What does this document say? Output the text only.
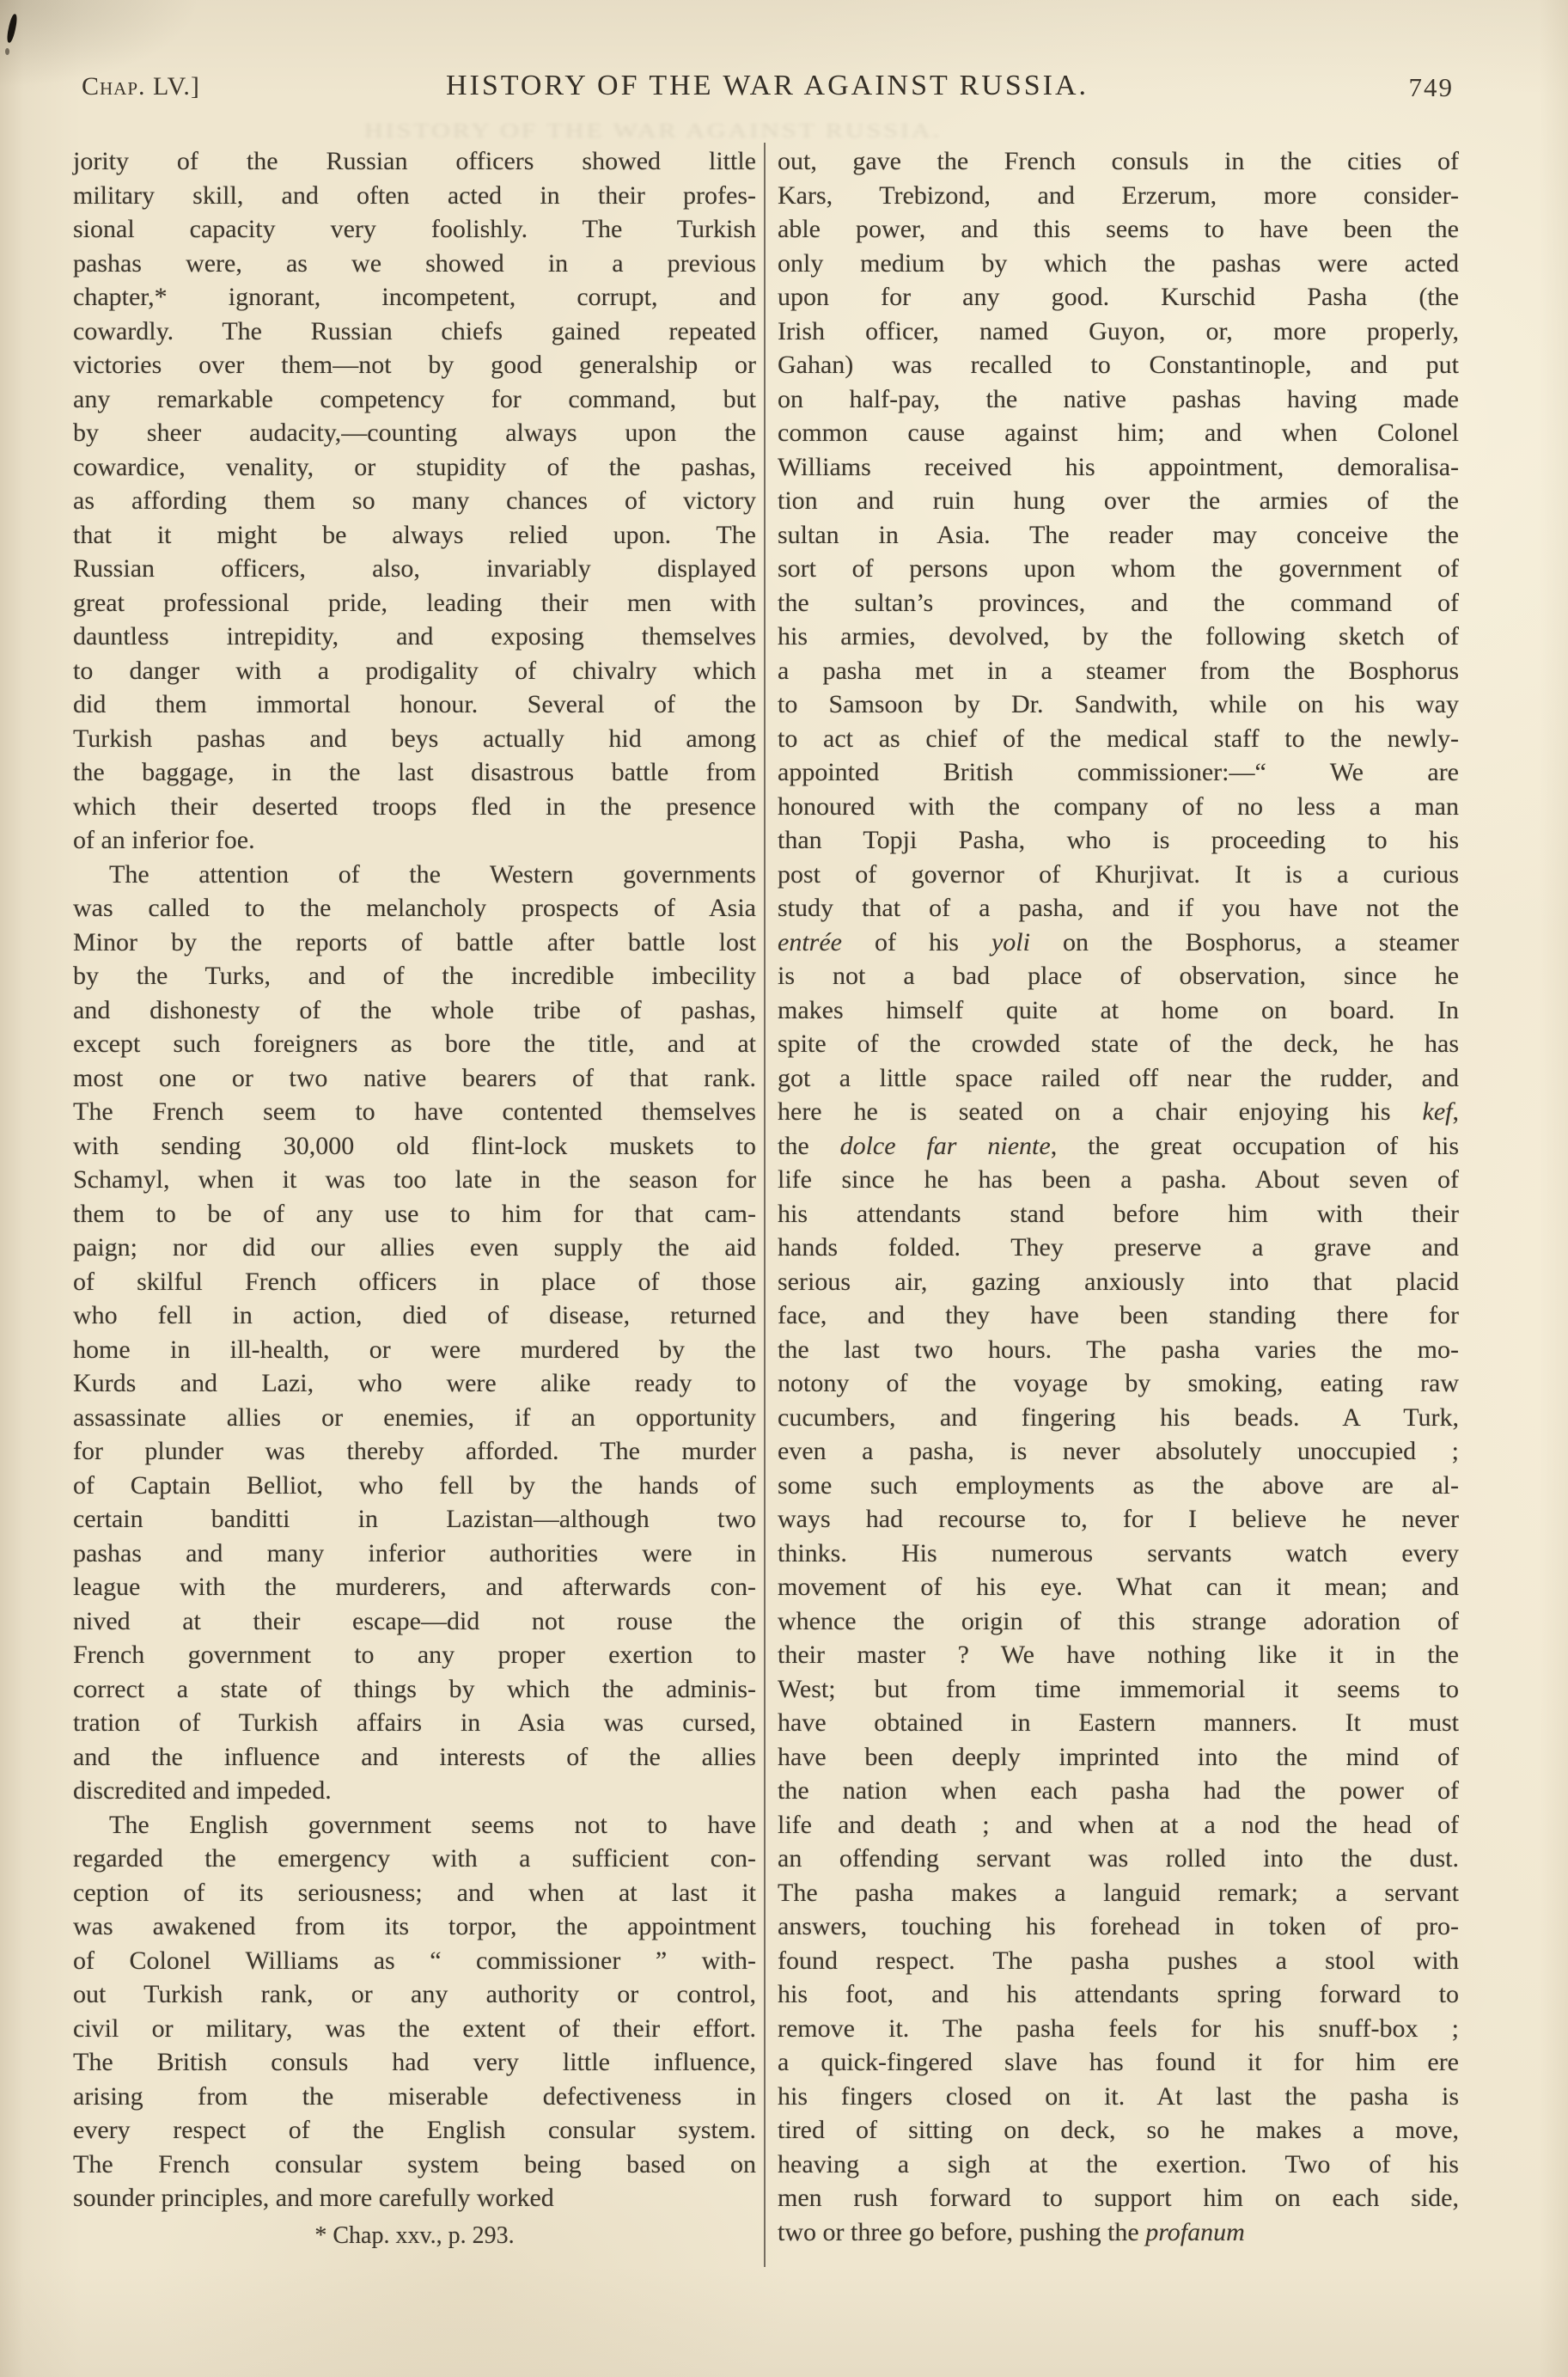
Chap. LV.]	HISTORY OF THE WAR AGAINST RUSSIA.	749
HISTORY OF THE WAR AGAINST RUSSIA.
jority of the Russian officers showed little
military skill, and often acted in their profes-
sional capacity very foolishly. The Turkish
pashas were, as we showed in a previous
chapter,* ignorant, incompetent, corrupt, and
cowardly. The Russian chiefs gained repeated
victories over them—not by good generalship or
any remarkable competency for command, but
by sheer audacity,—counting always upon the
cowardice, venality, or stupidity of the pashas,
as affording them so many chances of victory
that it might be always relied upon. The
Russian officers, also, invariably displayed
great professional pride, leading their men with
dauntless intrepidity, and exposing themselves
to danger with a prodigality of chivalry which
did them immortal honour. Several of the
Turkish pashas and beys actually hid among
the baggage, in the last disastrous battle from
which their deserted troops fled in the presence
of an inferior foe.
The attention of the Western governments
was called to the melancholy prospects of Asia
Minor by the reports of battle after battle lost
by the Turks, and of the incredible imbecility
and dishonesty of the whole tribe of pashas,
except such foreigners as bore the title, and at
most one or two native bearers of that rank.
The French seem to have contented themselves
with sending 30,000 old flint-lock muskets to
Schamyl, when it was too late in the season for
them to be of any use to him for that cam-
paign; nor did our allies even supply the aid
of skilful French officers in place of those
who fell in action, died of disease, returned
home in ill-health, or were murdered by the
Kurds and Lazi, who were alike ready to
assassinate allies or enemies, if an opportunity
for plunder was thereby afforded. The murder
of Captain Belliot, who fell by the hands of
certain banditti in Lazistan—although two
pashas and many inferior authorities were in
league with the murderers, and afterwards con-
nived at their escape—did not rouse the
French government to any proper exertion to
correct a state of things by which the adminis-
tration of Turkish affairs in Asia was cursed,
and the influence and interests of the allies
discredited and impeded.
The English government seems not to have
regarded the emergency with a sufficient con-
ception of its seriousness; and when at last it
was awakened from its torpor, the appointment
of Colonel Williams as “ commissioner ” with-
out Turkish rank, or any authority or control,
civil or military, was the extent of their effort.
The British consuls had very little influence,
arising from the miserable defectiveness in
every respect of the English consular system.
The French consular system being based on
sounder principles, and more carefully worked
out, gave the French consuls in the cities of
Kars, Trebizond, and Erzerum, more consider-
able power, and this seems to have been the
only medium by which the pashas were acted
upon for any good. Kurschid Pasha (the
Irish officer, named Guyon, or, more properly,
Gahan) was recalled to Constantinople, and put
on half-pay, the native pashas having made
common cause against him; and when Colonel
Williams received his appointment, demoralisa-
tion and ruin hung over the armies of the
sultan in Asia. The reader may conceive the
sort of persons upon whom the government of
the sultan’s provinces, and the command of
his armies, devolved, by the following sketch of
a pasha met in a steamer from the Bosphorus
to Samsoon by Dr. Sandwith, while on his way
to act as chief of the medical staff to the newly-
appointed British commissioner:—“ We are
honoured with the company of no less a man
than Topji Pasha, who is proceeding to his
post of governor of Khurjivat. It is a curious
study that of a pasha, and if you have not the
entrée of his yoli on the Bosphorus, a steamer
is not a bad place of observation, since he
makes himself quite at home on board. In
spite of the crowded state of the deck, he has
got a little space railed off near the rudder, and
here he is seated on a chair enjoying his kef,
the dolce far niente, the great occupation of his
life since he has been a pasha. About seven of
his attendants stand before him with their
hands folded. They preserve a grave and
serious air, gazing anxiously into that placid
face, and they have been standing there for
the last two hours. The pasha varies the mo-
notony of the voyage by smoking, eating raw
cucumbers, and fingering his beads. A Turk,
even a pasha, is never absolutely unoccupied ;
some such employments as the above are al-
ways had recourse to, for I believe he never
thinks. His numerous servants watch every
movement of his eye. What can it mean; and
whence the origin of this strange adoration of
their master ? We have nothing like it in the
West; but from time immemorial it seems to
have obtained in Eastern manners. It must
have been deeply imprinted into the mind of
the nation when each pasha had the power of
life and death ; and when at a nod the head of
an offending servant was rolled into the dust.
The pasha makes a languid remark; a servant
answers, touching his forehead in token of pro-
found respect. The pasha pushes a stool with
his foot, and his attendants spring forward to
remove it. The pasha feels for his snuff-box ;
a quick-fingered slave has found it for him ere
his fingers closed on it. At last the pasha is
tired of sitting on deck, so he makes a move,
heaving a sigh at the exertion. Two of his
men rush forward to support him on each side,
two or three go before, pushing the profanum
* Chap. xxv., p. 293.
